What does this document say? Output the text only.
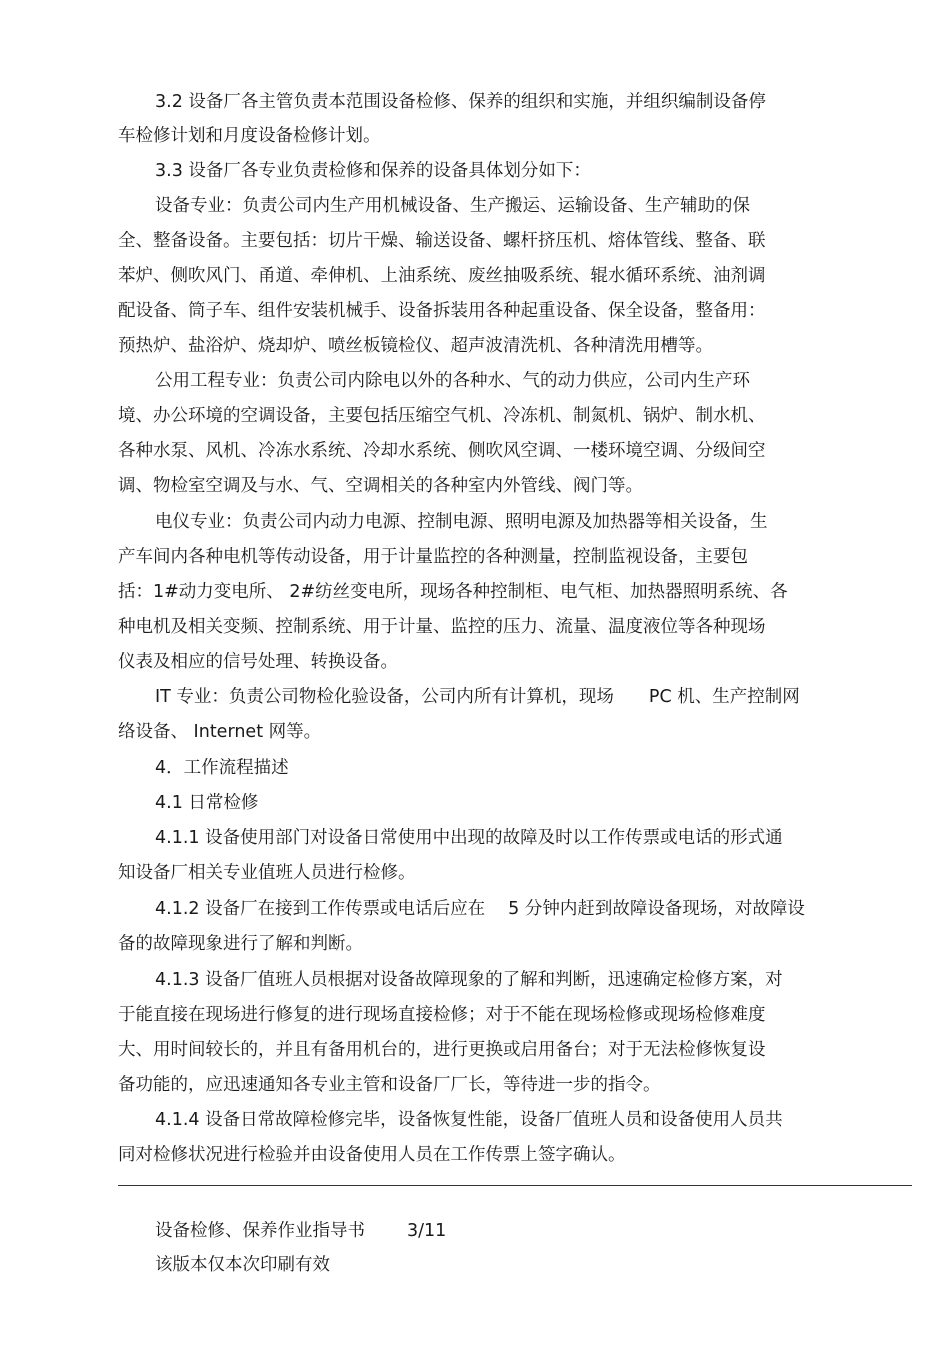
3.2 设备厂各主管负责本范围设备检修、保养的组织和实施，并组织编制设备停
车检修计划和月度设备检修计划。
3.3 设备厂各专业负责检修和保养的设备具体划分如下：
设备专业：负责公司内生产用机械设备、生产搬运、运输设备、生产辅助的保
全、整备设备。主要包括：切片干燥、输送设备、螺杆挤压机、熔体管线、整备、联
苯炉、侧吹风门、甬道、牵伸机、上油系统、废丝抽吸系统、辊水循环系统、油剂调
配设备、筒子车、组件安装机械手、设备拆装用各种起重设备、保全设备，整备用：
预热炉、盐浴炉、烧却炉、喷丝板镜检仪、超声波清洗机、各种清洗用槽等。
公用工程专业：负责公司内除电以外的各种水、气的动力供应，公司内生产环
境、办公环境的空调设备，主要包括压缩空气机、冷冻机、制氮机、锅炉、制水机、
各种水泵、风机、冷冻水系统、冷却水系统、侧吹风空调、一楼环境空调、分级间空
调、物检室空调及与水、气、空调相关的各种室内外管线、阀门等。
电仪专业：负责公司内动力电源、控制电源、照明电源及加热器等相关设备，生
产车间内各种电机等传动设备，用于计量监控的各种测量，控制监视设备，主要包
括：1#动力变电所、 2#纺丝变电所，现场各种控制柜、电气柜、加热器照明系统、各
种电机及相关变频、控制系统、用于计量、监控的压力、流量、温度液位等各种现场
仪表及相应的信号处理、转换设备。
IT 专业：负责公司物检化验设备，公司内所有计算机，现场　　PC 机、生产控制网
络设备、 Internet 网等。
4．工作流程描述
4.1 日常检修
4.1.1 设备使用部门对设备日常使用中出现的故障及时以工作传票或电话的形式通
知设备厂相关专业值班人员进行检修。
4.1.2 设备厂在接到工作传票或电话后应在　 5 分钟内赶到故障设备现场，对故障设
备的故障现象进行了解和判断。
4.1.3 设备厂值班人员根据对设备故障现象的了解和判断，迅速确定检修方案，对
于能直接在现场进行修复的进行现场直接检修；对于不能在现场检修或现场检修难度
大、用时间较长的，并且有备用机台的，进行更换或启用备台；对于无法检修恢复设
备功能的，应迅速通知各专业主管和设备厂厂长，等待进一步的指令。
4.1.4 设备日常故障检修完毕，设备恢复性能，设备厂值班人员和设备使用人员共
同对检修状况进行检验并由设备使用人员在工作传票上签字确认。
设备检修、保养作业指导书 3/11
该版本仅本次印刷有效
